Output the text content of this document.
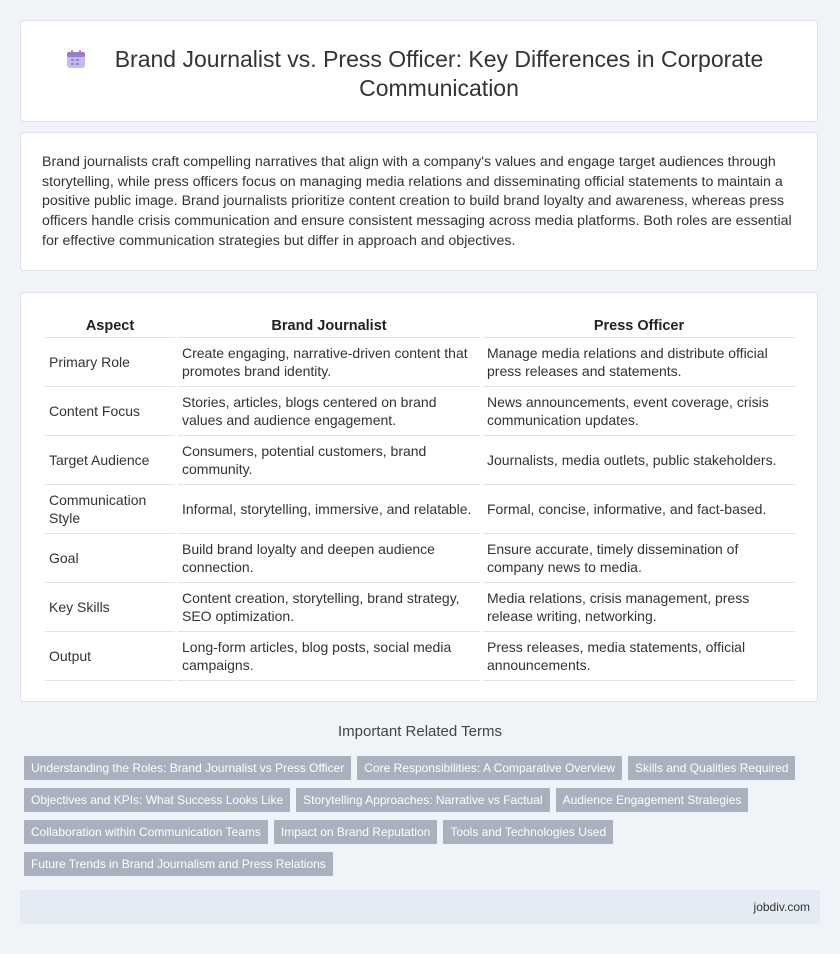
Brand Journalist vs. Press Officer: Key Differences in Corporate Communication
Brand journalists craft compelling narratives that align with a company's values and engage target audiences through storytelling, while press officers focus on managing media relations and disseminating official statements to maintain a positive public image. Brand journalists prioritize content creation to build brand loyalty and awareness, whereas press officers handle crisis communication and ensure consistent messaging across media platforms. Both roles are essential for effective communication strategies but differ in approach and objectives.
Aspect	Brand Journalist	Press Officer
Primary Role	Create engaging, narrative-driven content that promotes brand identity.	Manage media relations and distribute official press releases and statements.
Content Focus	Stories, articles, blogs centered on brand values and audience engagement.	News announcements, event coverage, crisis communication updates.
Target Audience	Consumers, potential customers, brand community.	Journalists, media outlets, public stakeholders.
Communication Style	Informal, storytelling, immersive, and relatable.	Formal, concise, informative, and fact-based.
Goal	Build brand loyalty and deepen audience connection.	Ensure accurate, timely dissemination of company news to media.
Key Skills	Content creation, storytelling, brand strategy, SEO optimization.	Media relations, crisis management, press release writing, networking.
Output	Long-form articles, blog posts, social media campaigns.	Press releases, media statements, official announcements.
Important Related Terms
Understanding the Roles: Brand Journalist vs Press Officer	Core Responsibilities: A Comparative Overview	Skills and Qualities Required
Objectives and KPIs: What Success Looks Like	Storytelling Approaches: Narrative vs Factual	Audience Engagement Strategies
Collaboration within Communication Teams	Impact on Brand Reputation	Tools and Technologies Used
Future Trends in Brand Journalism and Press Relations
jobdiv.com
